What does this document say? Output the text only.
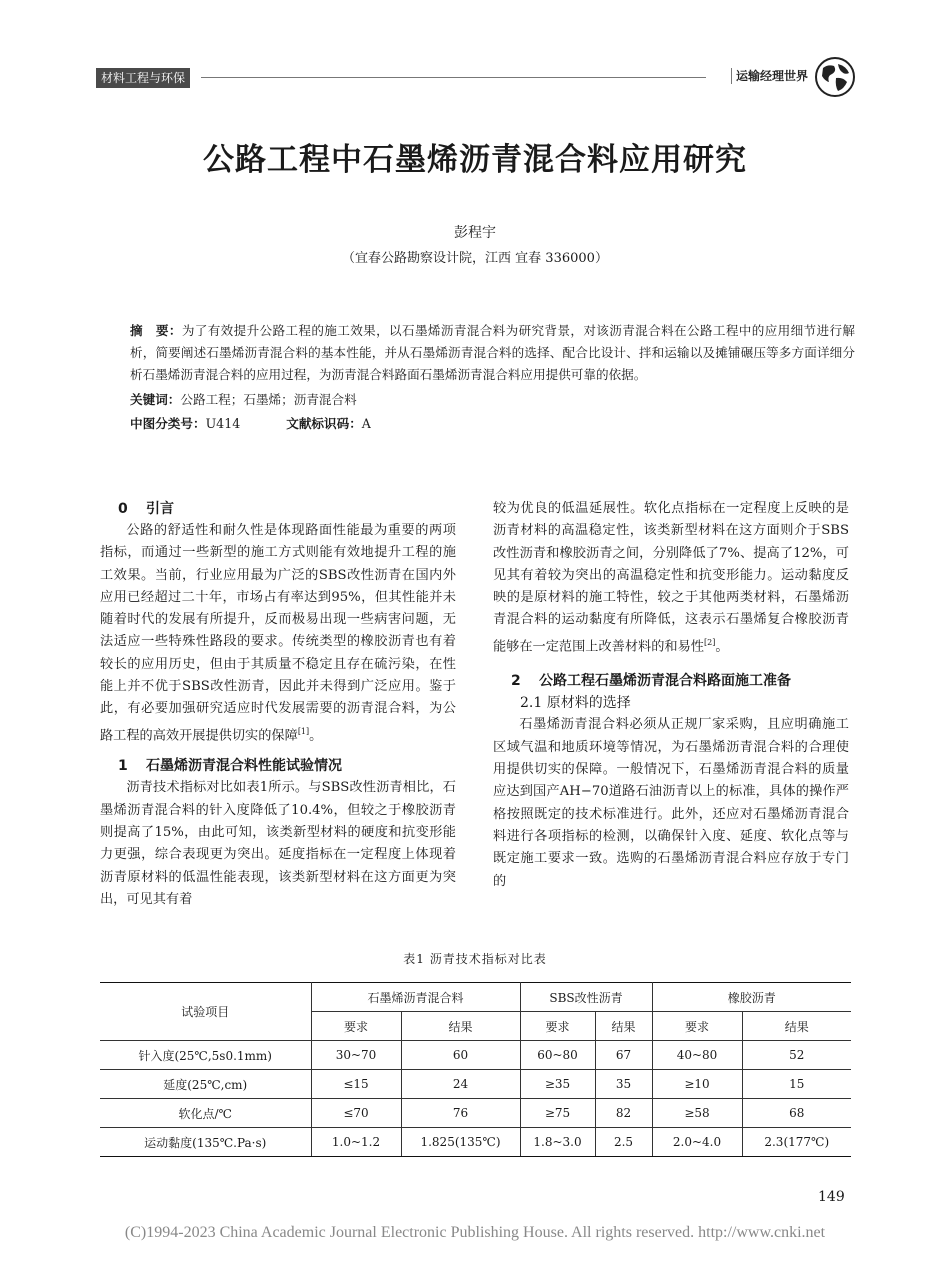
材料工程与环保	运输经理世界
公路工程中石墨烯沥青混合料应用研究
彭程宇
（宜春公路勘察设计院，江西 宜春 336000）
摘　要：为了有效提升公路工程的施工效果，以石墨烯沥青混合料为研究背景，对该沥青混合料在公路工程中的应用细节进行解析，简要阐述石墨烯沥青混合料的基本性能，并从石墨烯沥青混合料的选择、配合比设计、拌和运输以及摊铺碾压等多方面详细分析石墨烯沥青混合料的应用过程，为沥青混合料路面石墨烯沥青混合料应用提供可靠的依据。
关键词：公路工程；石墨烯；沥青混合料
中图分类号：U414	文献标识码：A
0 引言

公路的舒适性和耐久性是体现路面性能最为重要的两项指标，而通过一些新型的施工方式则能有效地提升工程的施工效果。当前，行业应用最为广泛的SBS改性沥青在国内外应用已经超过二十年，市场占有率达到95%，但其性能并未随着时代的发展有所提升，反而极易出现一些病害问题，无法适应一些特殊性路段的要求。传统类型的橡胶沥青也有着较长的应用历史，但由于其质量不稳定且存在硫污染，在性能上并不优于SBS改性沥青，因此并未得到广泛应用。鉴于此，有必要加强研究适应时代发展需要的沥青混合料，为公路工程的高效开展提供切实的保障[1]。

1 石墨烯沥青混合料性能试验情况

沥青技术指标对比如表1所示。与SBS改性沥青相比，石墨烯沥青混合料的针入度降低了10.4%，但较之于橡胶沥青则提高了15%，由此可知，该类新型材料的硬度和抗变形能力更强，综合表现更为突出。延度指标在一定程度上体现着沥青原材料的低温性能表现，该类新型材料在这方面更为突出，可见其有着

较为优良的低温延展性。软化点指标在一定程度上反映的是沥青材料的高温稳定性，该类新型材料在这方面则介于SBS改性沥青和橡胶沥青之间，分别降低了7%、提高了12%，可见其有着较为突出的高温稳定性和抗变形能力。运动黏度反映的是原材料的施工特性，较之于其他两类材料，石墨烯沥青混合料的运动黏度有所降低，这表示石墨烯复合橡胶沥青能够在一定范围上改善材料的和易性[2]。

2 公路工程石墨烯沥青混合料路面施工准备
2.1 原材料的选择

石墨烯沥青混合料必须从正规厂家采购，且应明确施工区域气温和地质环境等情况，为石墨烯沥青混合料的合理使用提供切实的保障。一般情况下，石墨烯沥青混合料的质量应达到国产AH−70道路石油沥青以上的标准，具体的操作严格按照既定的技术标准进行。此外，还应对石墨烯沥青混合料进行各项指标的检测，以确保针入度、延度、软化点等与既定施工要求一致。选购的石墨烯沥青混合料应存放于专门的

表1 沥青技术指标对比表
试验项目	石墨烯沥青混合料		SBS改性沥青		橡胶沥青	
	要求	结果	要求	结果	要求	结果
针入度(25℃,5s0.1mm)	30~70	60	60~80	67	40~80	52
延度(25℃,cm)	≤15	24	≥35	35	≥10	15
软化点/℃	≤70	76	≥75	82	≥58	68
运动黏度(135℃.Pa·s)	1.0~1.2	1.825(135℃)	1.8~3.0	2.5	2.0~4.0	2.3(177℃)
149
(C)1994-2023 China Academic Journal Electronic Publishing House. All rights reserved. http://www.cnki.net
